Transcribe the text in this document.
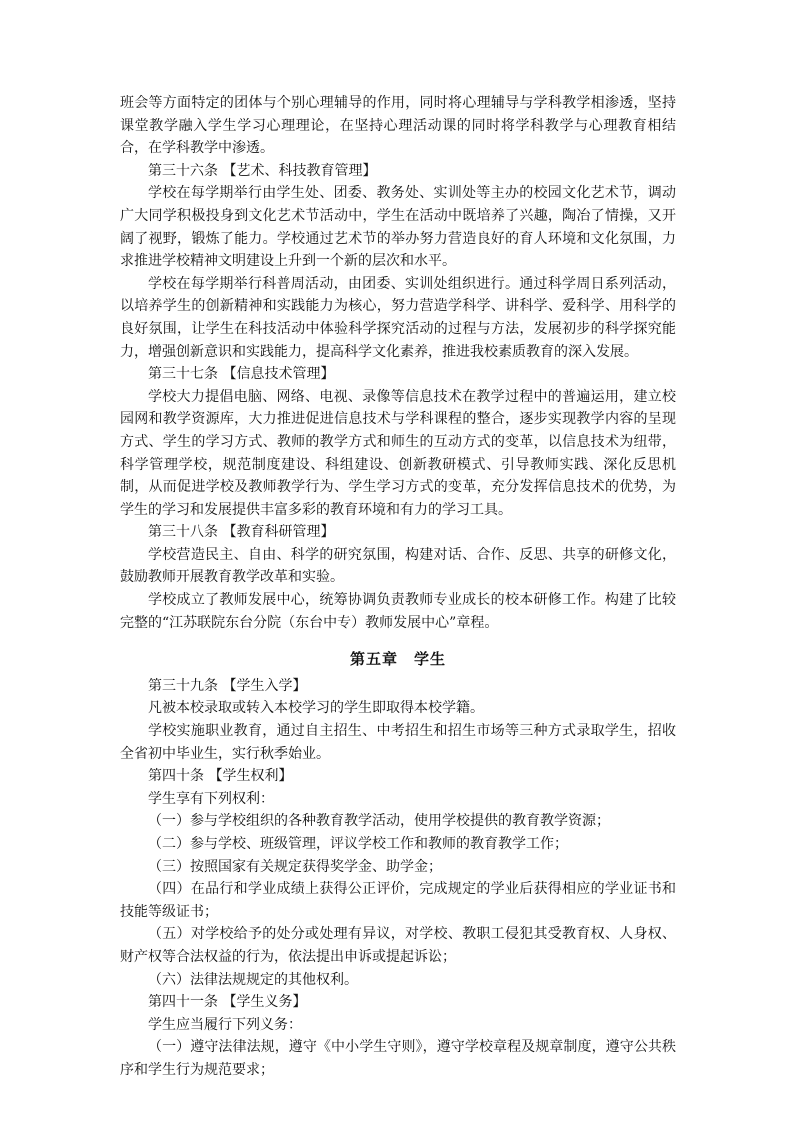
班会等方面特定的团体与个别心理辅导的作用，同时将心理辅导与学科教学相渗透，坚持课堂教学融入学生学习心理理论，在坚持心理活动课的同时将学科教学与心理教育相结合，在学科教学中渗透。

第三十六条 【艺术、科技教育管理】

学校在每学期举行由学生处、团委、教务处、实训处等主办的校园文化艺术节，调动广大同学积极投身到文化艺术节活动中，学生在活动中既培养了兴趣，陶冶了情操，又开阔了视野，锻炼了能力。学校通过艺术节的举办努力营造良好的育人环境和文化氛围，力求推进学校精神文明建设上升到一个新的层次和水平。

学校在每学期举行科普周活动，由团委、实训处组织进行。通过科学周日系列活动，以培养学生的创新精神和实践能力为核心，努力营造学科学、讲科学、爱科学、用科学的良好氛围，让学生在科技活动中体验科学探究活动的过程与方法，发展初步的科学探究能力，增强创新意识和实践能力，提高科学文化素养，推进我校素质教育的深入发展。

第三十七条 【信息技术管理】

学校大力提倡电脑、网络、电视、录像等信息技术在教学过程中的普遍运用，建立校园网和教学资源库，大力推进促进信息技术与学科课程的整合，逐步实现教学内容的呈现方式、学生的学习方式、教师的教学方式和师生的互动方式的变革，以信息技术为纽带，科学管理学校，规范制度建设、科组建设、创新教研模式、引导教师实践、深化反思机制，从而促进学校及教师教学行为、学生学习方式的变革，充分发挥信息技术的优势，为学生的学习和发展提供丰富多彩的教育环境和有力的学习工具。

第三十八条 【教育科研管理】

学校营造民主、自由、科学的研究氛围，构建对话、合作、反思、共享的研修文化，鼓励教师开展教育教学改革和实验。

学校成立了教师发展中心，统筹协调负责教师专业成长的校本研修工作。构建了比较完整的“江苏联院东台分院（东台中专）教师发展中心”章程。

第五章　学生

第三十九条 【学生入学】

凡被本校录取或转入本校学习的学生即取得本校学籍。

学校实施职业教育，通过自主招生、中考招生和招生市场等三种方式录取学生，招收全省初中毕业生，实行秋季始业。

第四十条 【学生权利】

学生享有下列权利：

（一）参与学校组织的各种教育教学活动，使用学校提供的教育教学资源；

（二）参与学校、班级管理，评议学校工作和教师的教育教学工作；

（三）按照国家有关规定获得奖学金、助学金；

（四）在品行和学业成绩上获得公正评价，完成规定的学业后获得相应的学业证书和技能等级证书；

（五）对学校给予的处分或处理有异议，对学校、教职工侵犯其受教育权、人身权、财产权等合法权益的行为，依法提出申诉或提起诉讼；

（六）法律法规规定的其他权利。

第四十一条 【学生义务】

学生应当履行下列义务：

（一）遵守法律法规，遵守《中小学生守则》，遵守学校章程及规章制度，遵守公共秩序和学生行为规范要求；
